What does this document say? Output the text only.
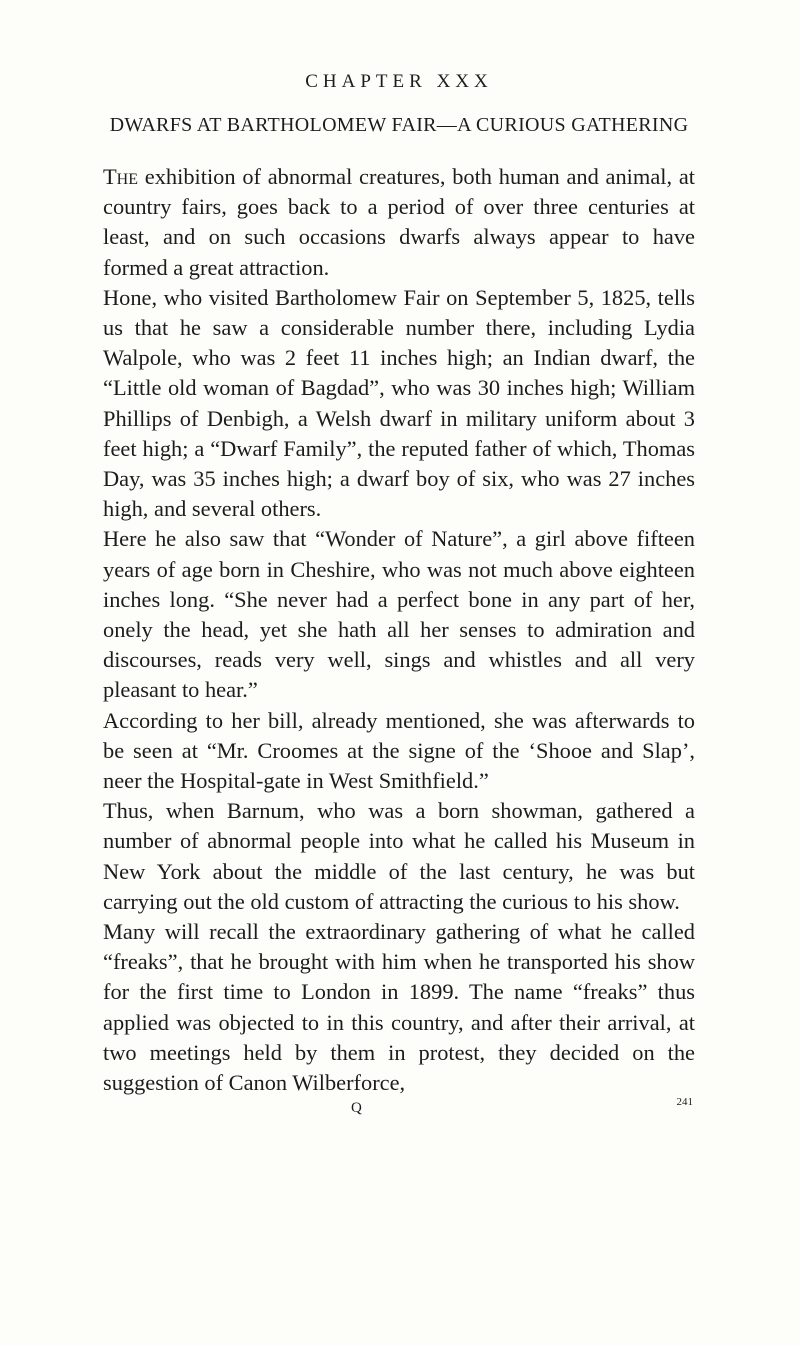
CHAPTER XXX
DWARFS AT BARTHOLOMEW FAIR—A CURIOUS GATHERING

The exhibition of abnormal creatures, both human and animal, at country fairs, goes back to a period of over three centuries at least, and on such occasions dwarfs always appear to have formed a great attraction.

Hone, who visited Bartholomew Fair on September 5, 1825, tells us that he saw a considerable number there, including Lydia Walpole, who was 2 feet 11 inches high; an Indian dwarf, the “Little old woman of Bagdad”, who was 30 inches high; William Phillips of Denbigh, a Welsh dwarf in military uniform about 3 feet high; a “Dwarf Family”, the reputed father of which, Thomas Day, was 35 inches high; a dwarf boy of six, who was 27 inches high, and several others.

Here he also saw that “Wonder of Nature”, a girl above fifteen years of age born in Cheshire, who was not much above eighteen inches long. “She never had a perfect bone in any part of her, onely the head, yet she hath all her senses to admiration and discourses, reads very well, sings and whistles and all very pleasant to hear.”

According to her bill, already mentioned, she was afterwards to be seen at “Mr. Croomes at the signe of the ‘Shooe and Slap’, neer the Hospital-gate in West Smithfield.”

Thus, when Barnum, who was a born showman, gathered a number of abnormal people into what he called his Museum in New York about the middle of the last century, he was but carrying out the old custom of attracting the curious to his show.

Many will recall the extraordinary gathering of what he called “freaks”, that he brought with him when he transported his show for the first time to London in 1899. The name “freaks” thus applied was objected to in this country, and after their arrival, at two meetings held by them in protest, they decided on the suggestion of Canon Wilberforce,

Q	241
